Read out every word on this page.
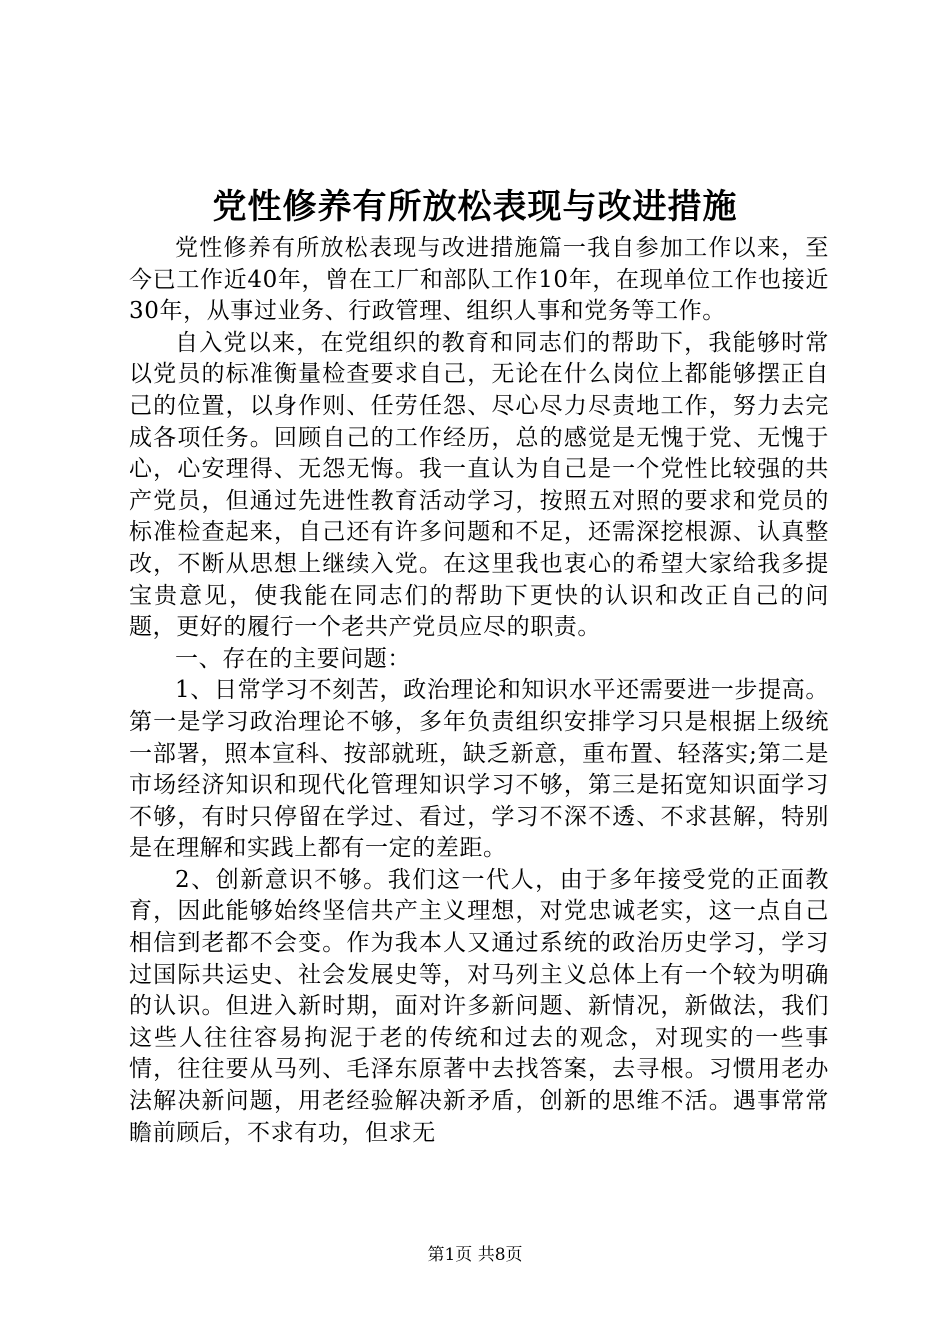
党性修养有所放松表现与改进措施

党性修养有所放松表现与改进措施篇一我自参加工作以来，至今已工作近40年，曾在工厂和部队工作10年，在现单位工作也接近30年，从事过业务、行政管理、组织人事和党务等工作。

自入党以来，在党组织的教育和同志们的帮助下，我能够时常以党员的标准衡量检查要求自己，无论在什么岗位上都能够摆正自己的位置，以身作则、任劳任怨、尽心尽力尽责地工作，努力去完成各项任务。回顾自己的工作经历，总的感觉是无愧于党、无愧于心，心安理得、无怨无悔。我一直认为自己是一个党性比较强的共产党员，但通过先进性教育活动学习，按照五对照的要求和党员的标准检查起来，自己还有许多问题和不足，还需深挖根源、认真整改，不断从思想上继续入党。在这里我也衷心的希望大家给我多提宝贵意见，使我能在同志们的帮助下更快的认识和改正自己的问题，更好的履行一个老共产党员应尽的职责。

一、存在的主要问题：

1、日常学习不刻苦，政治理论和知识水平还需要进一步提高。第一是学习政治理论不够，多年负责组织安排学习只是根据上级统一部署，照本宣科、按部就班，缺乏新意，重布置、轻落实;第二是市场经济知识和现代化管理知识学习不够，第三是拓宽知识面学习不够，有时只停留在学过、看过，学习不深不透、不求甚解，特别是在理解和实践上都有一定的差距。

2、创新意识不够。我们这一代人，由于多年接受党的正面教育，因此能够始终坚信共产主义理想，对党忠诚老实，这一点自己相信到老都不会变。作为我本人又通过系统的政治历史学习，学习过国际共运史、社会发展史等，对马列主义总体上有一个较为明确的认识。但进入新时期，面对许多新问题、新情况，新做法，我们这些人往往容易拘泥于老的传统和过去的观念，对现实的一些事情，往往要从马列、毛泽东原著中去找答案，去寻根。习惯用老办法解决新问题，用老经验解决新矛盾，创新的思维不活。遇事常常瞻前顾后，不求有功，但求无

第1页 共8页
